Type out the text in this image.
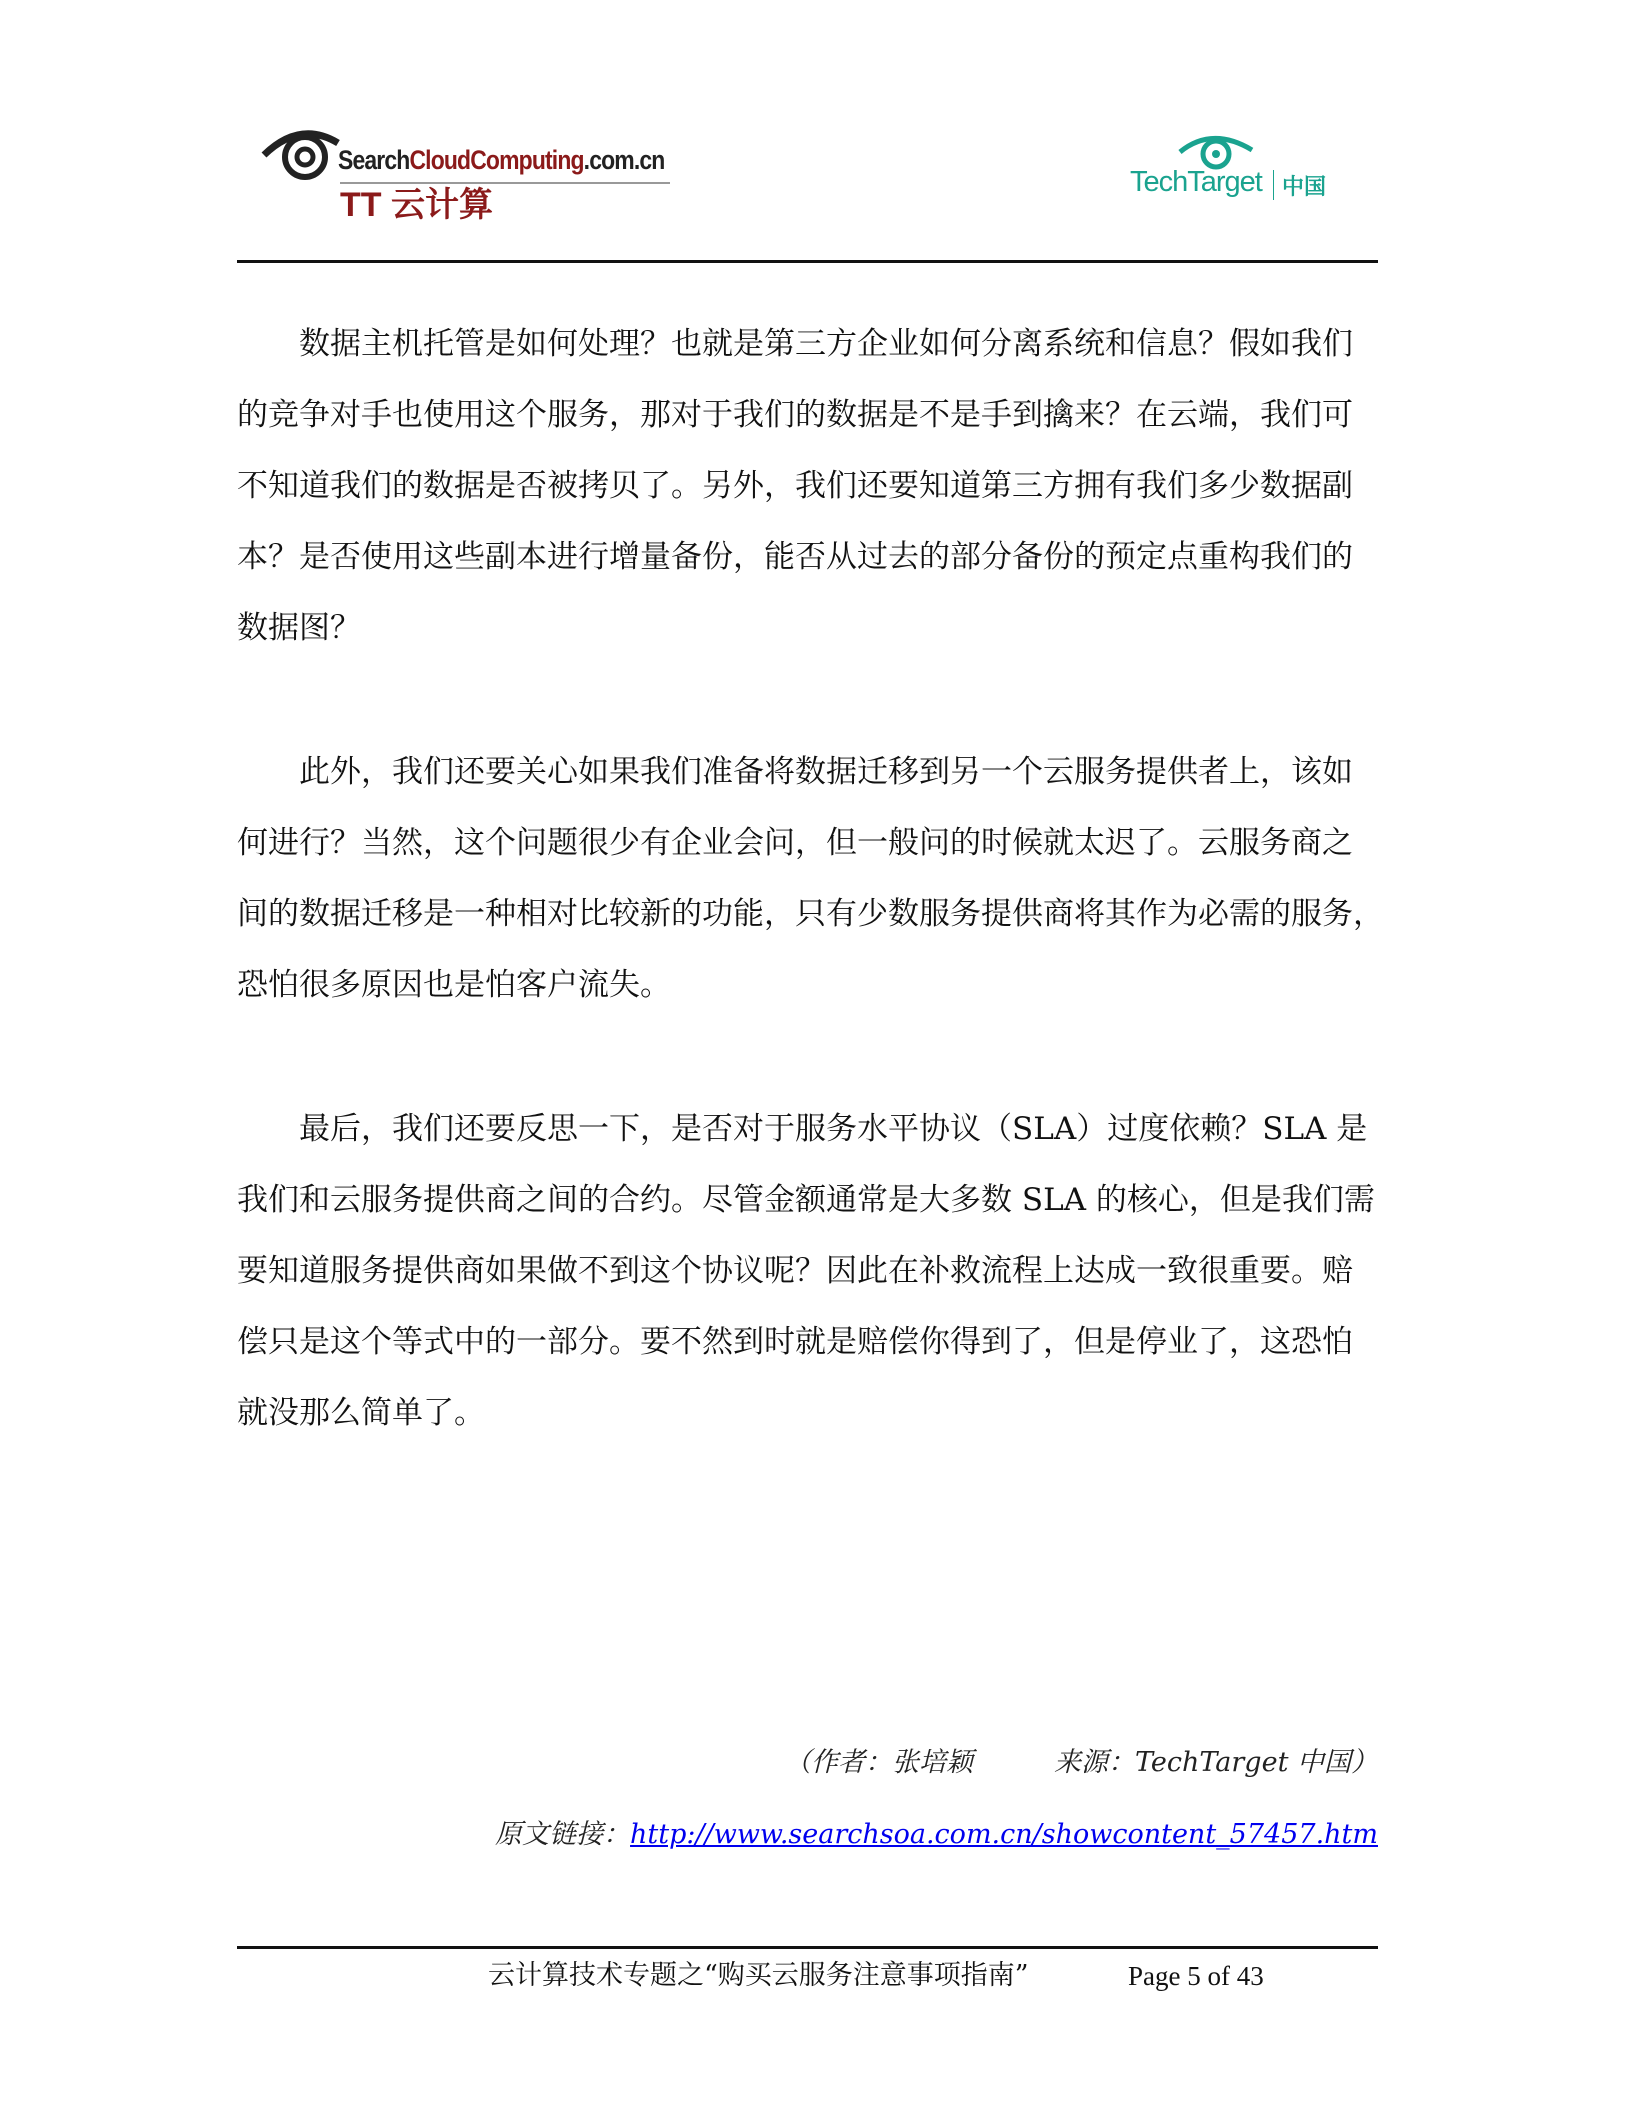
SearchCloudComputing.com.cn
TT 云计算
TechTarget 中国
　　数据主机托管是如何处理？也就是第三方企业如何分离系统和信息？假如我们
的竞争对手也使用这个服务，那对于我们的数据是不是手到擒来？在云端，我们可
不知道我们的数据是否被拷贝了。另外，我们还要知道第三方拥有我们多少数据副
本？是否使用这些副本进行增量备份，能否从过去的部分备份的预定点重构我们的
数据图？
　　此外，我们还要关心如果我们准备将数据迁移到另一个云服务提供者上，该如
何进行？当然，这个问题很少有企业会问，但一般问的时候就太迟了。云服务商之
间的数据迁移是一种相对比较新的功能，只有少数服务提供商将其作为必需的服务，
恐怕很多原因也是怕客户流失。
　　最后，我们还要反思一下，是否对于服务水平协议（SLA）过度依赖？SLA 是
我们和云服务提供商之间的合约。尽管金额通常是大多数 SLA 的核心，但是我们需
要知道服务提供商如果做不到这个协议呢？因此在补救流程上达成一致很重要。赔
偿只是这个等式中的一部分。要不然到时就是赔偿你得到了，但是停业了，这恐怕
就没那么简单了。
（作者：张培颖　　　来源：TechTarget 中国）
原文链接：http://www.searchsoa.com.cn/showcontent_57457.htm
云计算技术专题之“购买云服务注意事项指南”	Page 5 of 43
